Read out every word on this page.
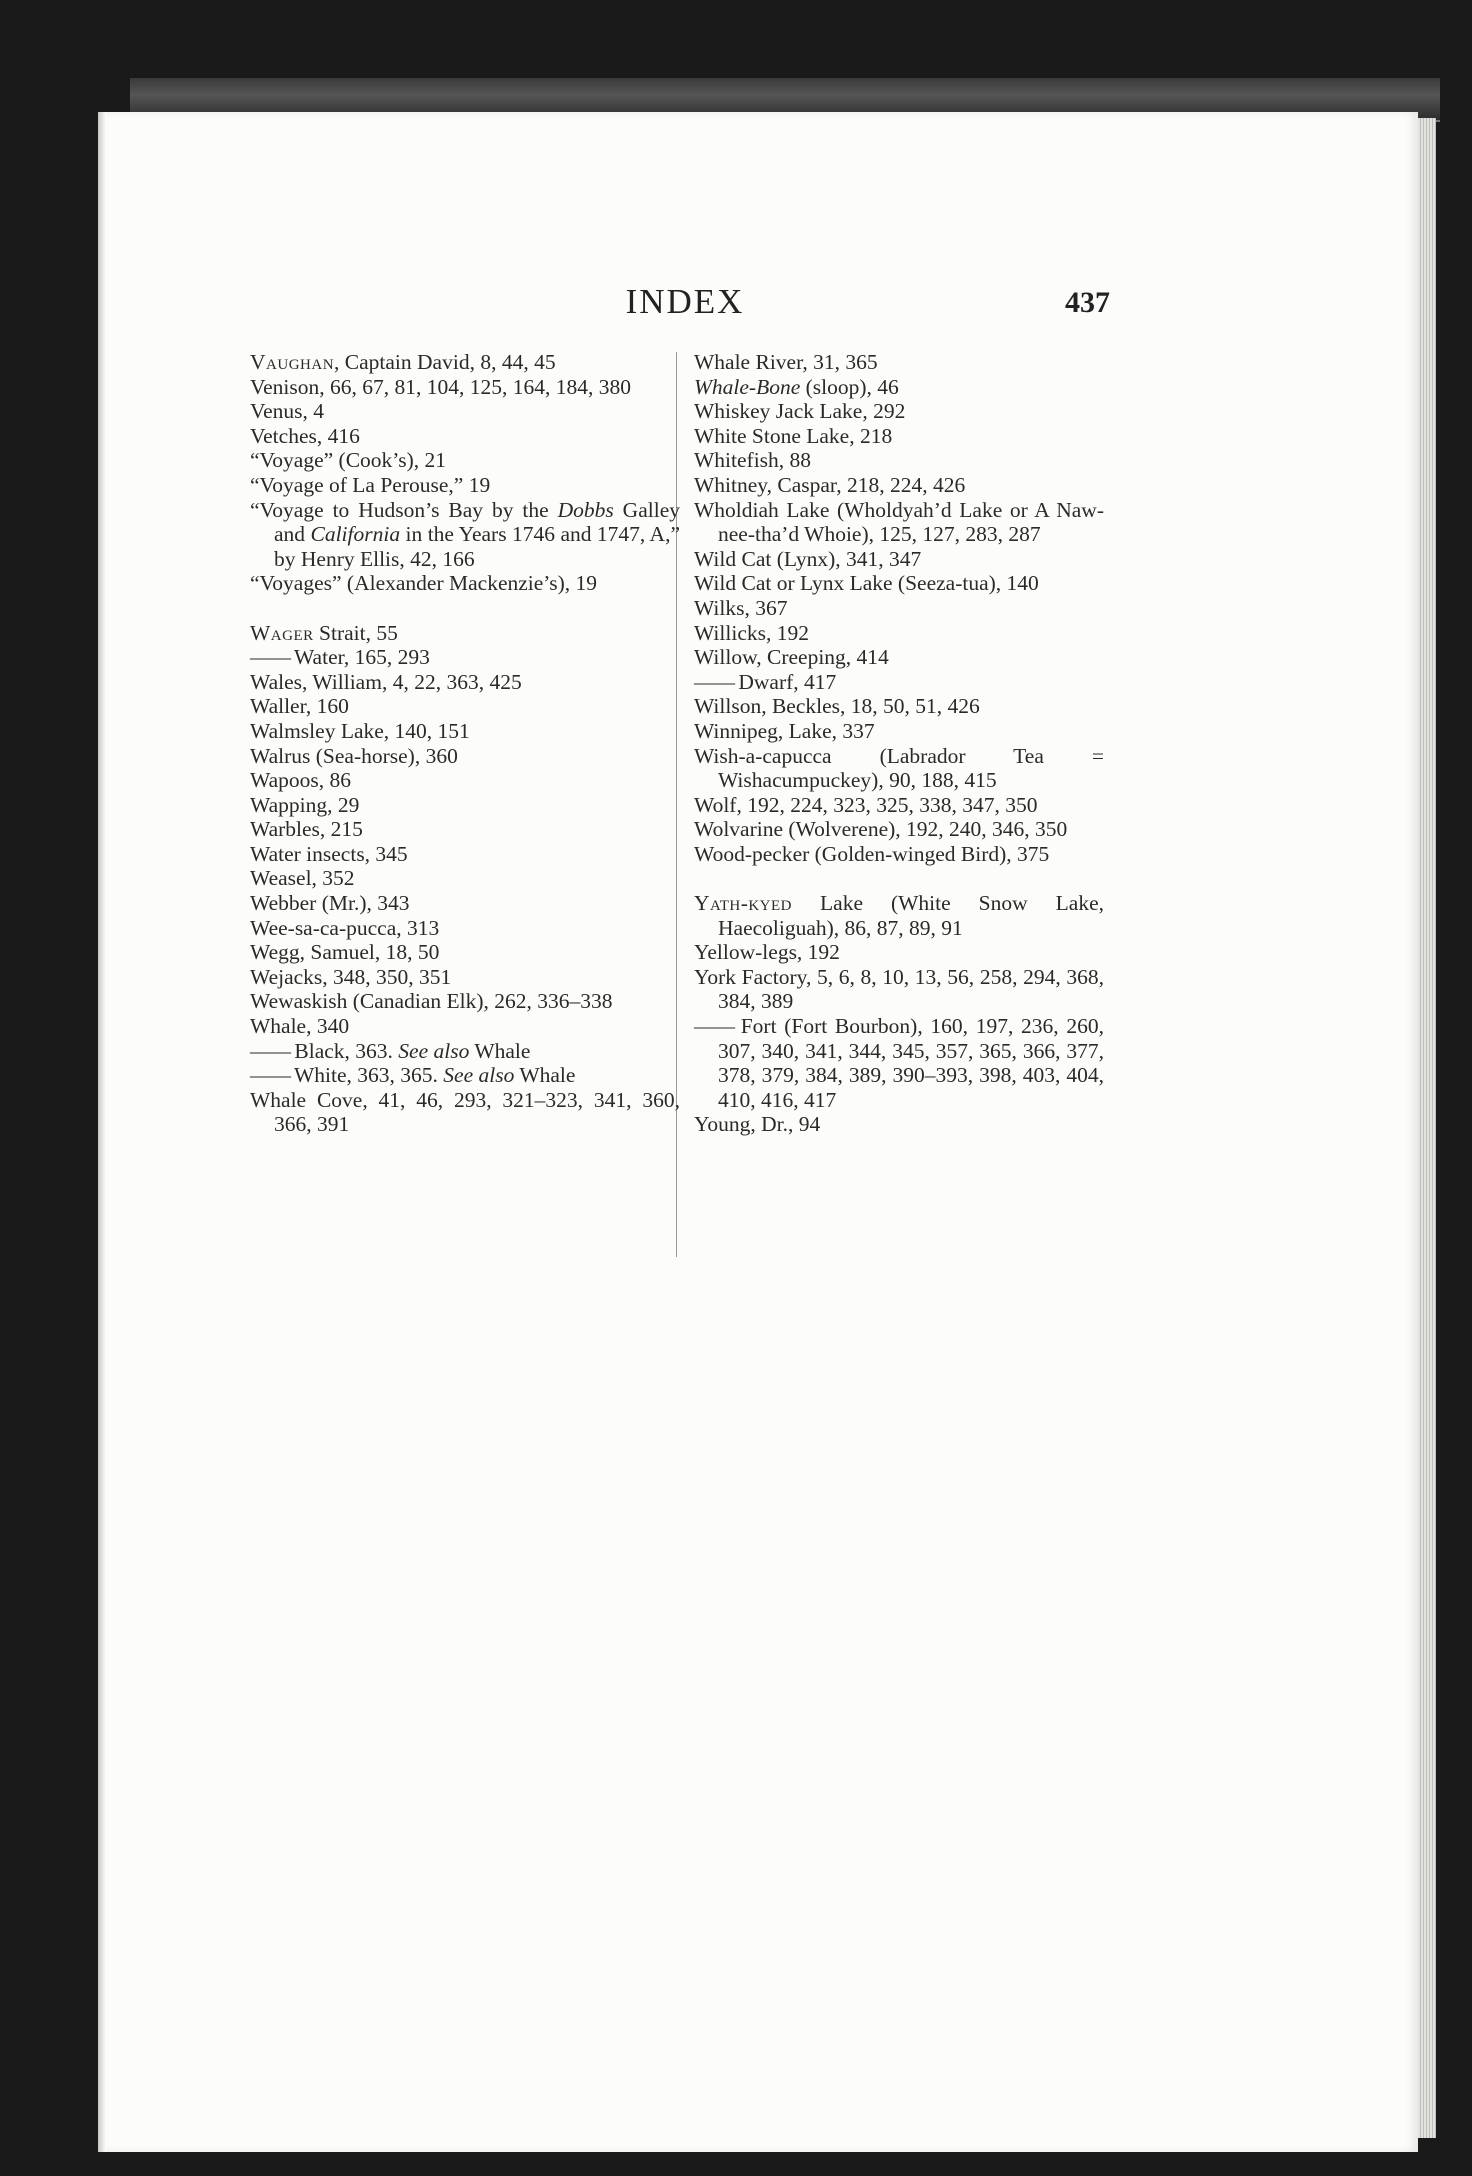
INDEX	437

Vaughan, Captain David, 8, 44, 45

Venison, 66, 67, 81, 104, 125, 164, 184, 380

Venus, 4

Vetches, 416

“Voyage” (Cook’s), 21

“Voyage of La Perouse,” 19

“Voyage to Hudson’s Bay by the Dobbs Galley and California in the Years 1746 and 1747, A,” by Henry Ellis, 42, 166

“Voyages” (Alexander Mackenzie’s), 19

Wager Strait, 55

—— Water, 165, 293

Wales, William, 4, 22, 363, 425

Waller, 160

Walmsley Lake, 140, 151

Walrus (Sea-horse), 360

Wapoos, 86

Wapping, 29

Warbles, 215

Water insects, 345

Weasel, 352

Webber (Mr.), 343

Wee-sa-ca-pucca, 313

Wegg, Samuel, 18, 50

Wejacks, 348, 350, 351

Wewaskish (Canadian Elk), 262, 336–338

Whale, 340

—— Black, 363. See also Whale

—— White, 363, 365. See also Whale

Whale Cove, 41, 46, 293, 321–323, 341, 360, 366, 391

Whale River, 31, 365

Whale-Bone (sloop), 46

Whiskey Jack Lake, 292

White Stone Lake, 218

Whitefish, 88

Whitney, Caspar, 218, 224, 426

Wholdiah Lake (Wholdyah’d Lake or A Naw-nee-tha’d Whoie), 125, 127, 283, 287

Wild Cat (Lynx), 341, 347

Wild Cat or Lynx Lake (Seeza-tua), 140

Wilks, 367

Willicks, 192

Willow, Creeping, 414

—— Dwarf, 417

Willson, Beckles, 18, 50, 51, 426

Winnipeg, Lake, 337

Wish-a-capucca (Labrador Tea = Wishacumpuckey), 90, 188, 415

Wolf, 192, 224, 323, 325, 338, 347, 350

Wolvarine (Wolverene), 192, 240, 346, 350

Wood-pecker (Golden-winged Bird), 375

Yath-kyed Lake (White Snow Lake, Haecoliguah), 86, 87, 89, 91

Yellow-legs, 192

York Factory, 5, 6, 8, 10, 13, 56, 258, 294, 368, 384, 389

—— Fort (Fort Bourbon), 160, 197, 236, 260, 307, 340, 341, 344, 345, 357, 365, 366, 377, 378, 379, 384, 389, 390–393, 398, 403, 404, 410, 416, 417

Young, Dr., 94
